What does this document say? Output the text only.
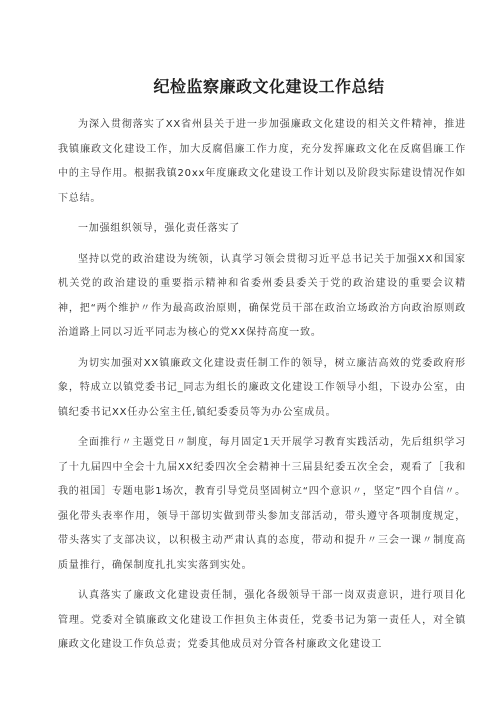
纪检监察廉政文化建设工作总结

为深入贯彻落实了XX省州县关于进一步加强廉政文化建设的相关文件精神，推进我镇廉政文化建设工作，加大反腐倡廉工作力度，充分发挥廉政文化在反腐倡廉工作中的主导作用。根据我镇20xx年度廉政文化建设工作计划以及阶段实际建设情况作如下总结。

一加强组织领导，强化责任落实了

坚持以党的政治建设为统领，认真学习领会贯彻习近平总书记关于加强XX和国家机关党的政治建设的重要指示精神和省委州委县委关于党的政治建设的重要会议精神，把“两个维护〃作为最高政治原则，确保党员干部在政治立场政治方向政治原则政治道路上同以习近平同志为核心的党XX保持高度一致。

为切实加强对XX镇廉政文化建设责任制工作的领导，树立廉洁高效的党委政府形象，特成立以镇党委书记_同志为组长的廉政文化建设工作领导小组，下设办公室，由镇纪委书记XX任办公室主任,镇纪委委员等为办公室成员。

全面推行〃主题党日〃制度，每月固定1天开展学习教育实践活动，先后组织学习了十九届四中全会十九届XX纪委四次全会精神十三届县纪委五次全会，观看了［我和我的祖国］专题电影1场次，教育引导党员坚固树立“四个意识〃，坚定”四个自信〃。强化带头表率作用，领导干部切实做到带头参加支部活动，带头遵守各项制度规定，带头落实了支部决议，以积极主动严肃认真的态度，带动和提升〃三会一课〃制度高质量推行，确保制度扎扎实实落到实处。

认真落实了廉政文化建设责任制，强化各级领导干部一岗双责意识，进行项目化管理。党委对全镇廉政文化建设工作担负主体责任，党委书记为第一责任人，对全镇廉政文化建设工作负总责；党委其他成员对分管各村廉政文化建设工
